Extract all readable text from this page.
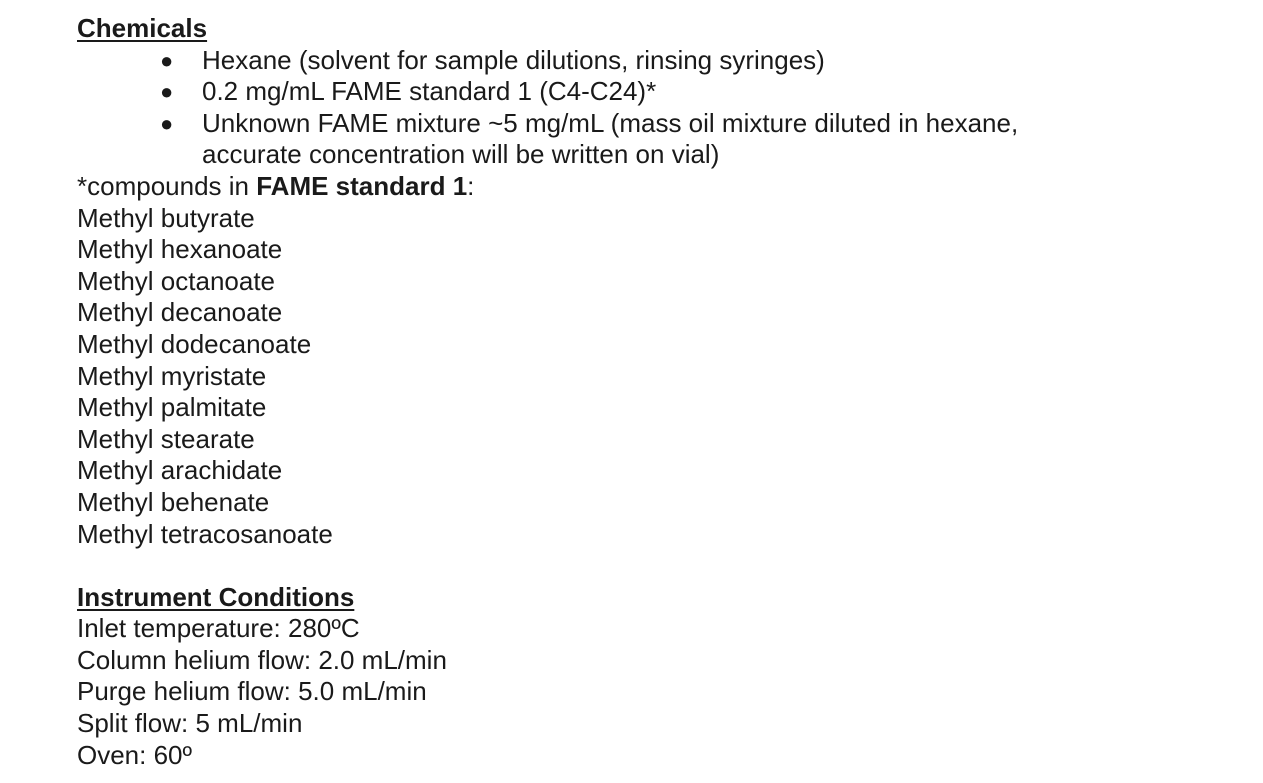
Chemicals
● Hexane (solvent for sample dilutions, rinsing syringes)
● 0.2 mg/mL FAME standard 1 (C4-C24)*
● Unknown FAME mixture ~5 mg/mL (mass oil mixture diluted in hexane, accurate concentration will be written on vial)
*compounds in FAME standard 1:
Methyl butyrate
Methyl hexanoate
Methyl octanoate
Methyl decanoate
Methyl dodecanoate
Methyl myristate
Methyl palmitate
Methyl stearate
Methyl arachidate
Methyl behenate
Methyl tetracosanoate
Instrument Conditions
Inlet temperature: 280ºC
Column helium flow: 2.0 mL/min
Purge helium flow: 5.0 mL/min
Split flow: 5 mL/min
Oven: 60º
